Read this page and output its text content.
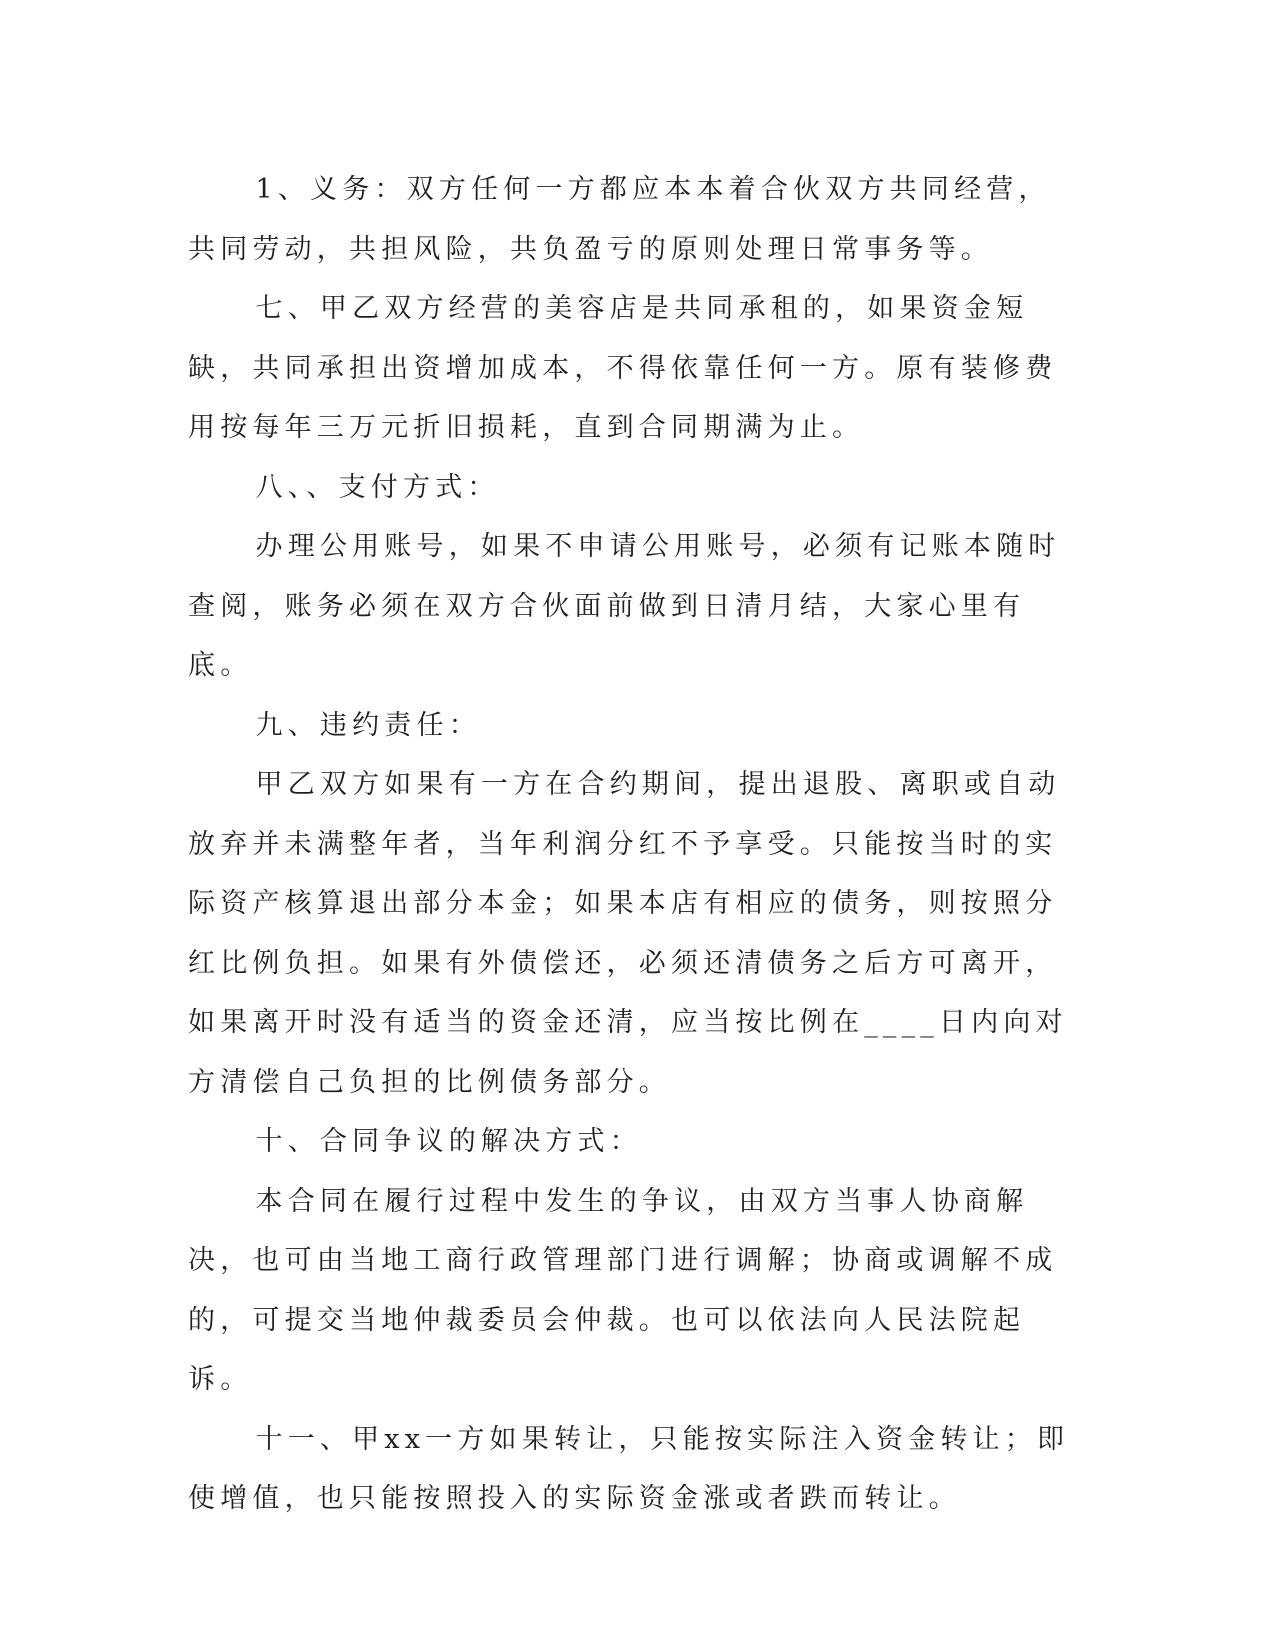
1、义务：双方任何一方都应本本着合伙双方共同经营，共同劳动，共担风险，共负盈亏的原则处理日常事务等。

七、甲乙双方经营的美容店是共同承租的，如果资金短缺，共同承担出资增加成本，不得依靠任何一方。原有装修费用按每年三万元折旧损耗，直到合同期满为止。

八、、支付方式：

办理公用账号，如果不申请公用账号，必须有记账本随时查阅，账务必须在双方合伙面前做到日清月结，大家心里有底。

九、违约责任：

甲乙双方如果有一方在合约期间，提出退股、离职或自动放弃并未满整年者，当年利润分红不予享受。只能按当时的实际资产核算退出部分本金；如果本店有相应的债务，则按照分红比例负担。如果有外债偿还，必须还清债务之后方可离开，如果离开时没有适当的资金还清，应当按比例在____日内向对方清偿自己负担的比例债务部分。

十、合同争议的解决方式：

本合同在履行过程中发生的争议，由双方当事人协商解决，也可由当地工商行政管理部门进行调解；协商或调解不成的，可提交当地仲裁委员会仲裁。也可以依法向人民法院起诉。

十一、甲xx一方如果转让，只能按实际注入资金转让；即使增值，也只能按照投入的实际资金涨或者跌而转让。
